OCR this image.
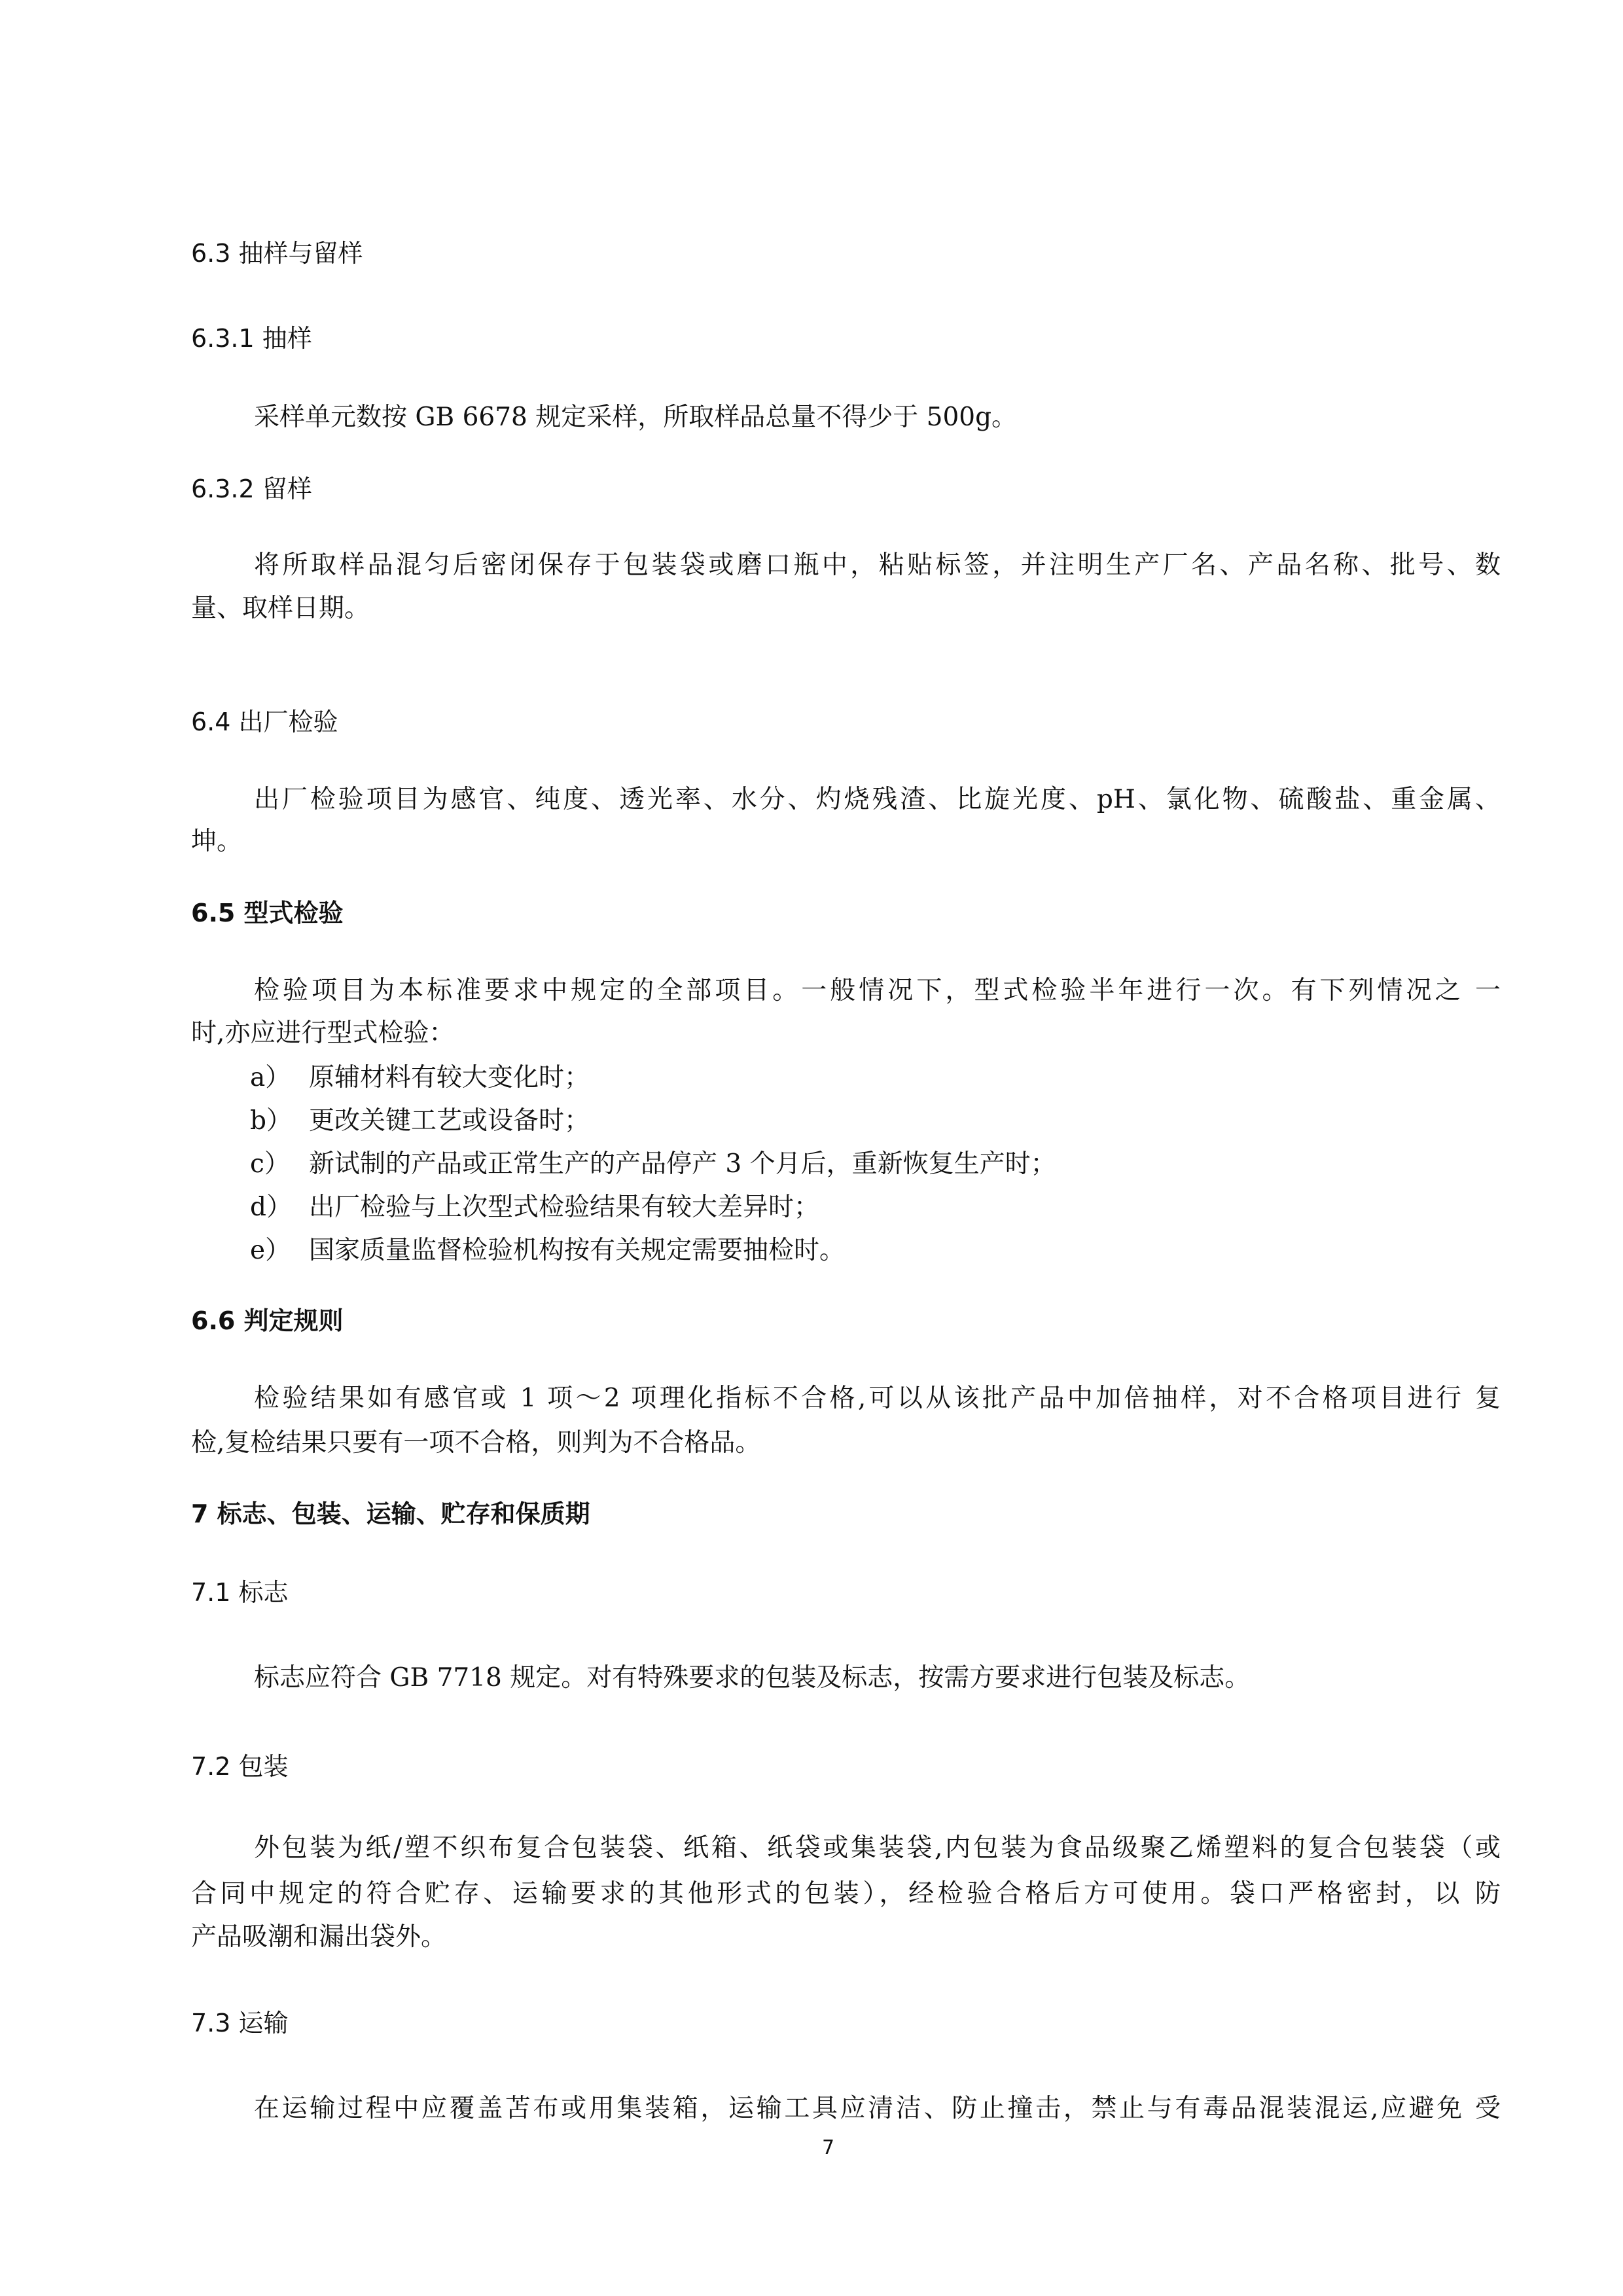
6.3 抽样与留样
6.3.1 抽样
采样单元数按 GB 6678 规定采样，所取样品总量不得少于 500g。
6.3.2 留样
将所取样品混匀后密闭保存于包装袋或磨口瓶中，粘贴标签，并注明生产厂名、产品名称、批号、数
量、取样日期。
6.4 出厂检验
出厂检验项目为感官、纯度、透光率、水分、灼烧残渣、比旋光度、pH、氯化物、硫酸盐、重金属、
坤。
6.5 型式检验
检验项目为本标准要求中规定的全部项目。一般情况下，型式检验半年进行一次。有下列情况之 一
时,亦应进行型式检验：
a） 原辅材料有较大变化时；
b） 更改关键工艺或设备时；
c） 新试制的产品或正常生产的产品停产 3 个月后，重新恢复生产时；
d） 出厂检验与上次型式检验结果有较大差异时；
e） 国家质量监督检验机构按有关规定需要抽检时。
6.6 判定规则
检验结果如有感官或 1 项～2 项理化指标不合格,可以从该批产品中加倍抽样，对不合格项目进行 复
检,复检结果只要有一项不合格，则判为不合格品。
7 标志、包装、运输、贮存和保质期
7.1 标志
标志应符合 GB 7718 规定。对有特殊要求的包装及标志，按需方要求进行包装及标志。
7.2 包装
外包装为纸/塑不织布复合包装袋、纸箱、纸袋或集装袋,内包装为食品级聚乙烯塑料的复合包装袋（或
合同中规定的符合贮存、运输要求的其他形式的包装），经检验合格后方可使用。袋口严格密封，以 防
产品吸潮和漏出袋外。
7.3 运输
在运输过程中应覆盖苫布或用集装箱，运输工具应清洁、防止撞击，禁止与有毒品混装混运,应避免 受
7
